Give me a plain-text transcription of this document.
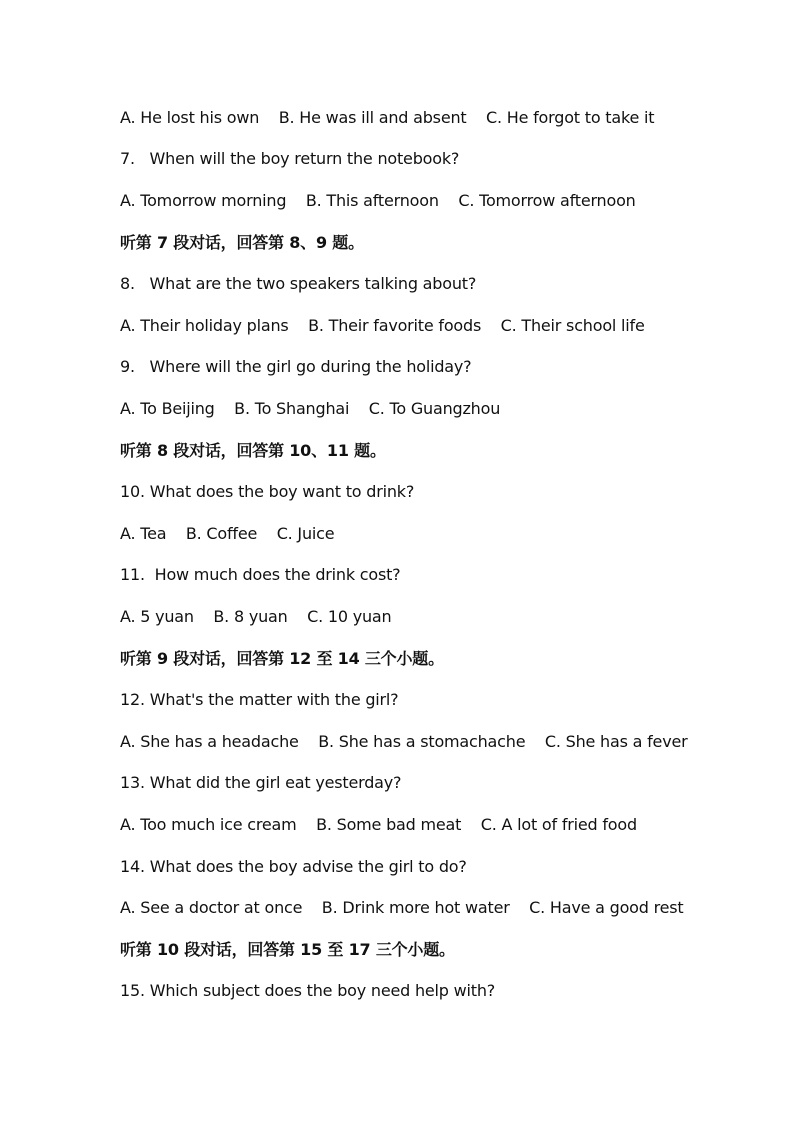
A. He lost his own    B. He was ill and absent    C. He forgot to take it
7.   When will the boy return the notebook?
A. Tomorrow morning    B. This afternoon    C. Tomorrow afternoon
听第 7 段对话，回答第 8、9 题。
8.   What are the two speakers talking about?
A. Their holiday plans    B. Their favorite foods    C. Their school life
9.   Where will the girl go during the holiday?
A. To Beijing    B. To Shanghai    C. To Guangzhou
听第 8 段对话，回答第 10、11 题。
10. What does the boy want to drink?
A. Tea    B. Coffee    C. Juice
11.  How much does the drink cost?
A. 5 yuan    B. 8 yuan    C. 10 yuan
听第 9 段对话，回答第 12 至 14 三个小题。
12. What's the matter with the girl?
A. She has a headache    B. She has a stomachache    C. She has a fever
13. What did the girl eat yesterday?
A. Too much ice cream    B. Some bad meat    C. A lot of fried food
14. What does the boy advise the girl to do?
A. See a doctor at once    B. Drink more hot water    C. Have a good rest
听第 10 段对话，回答第 15 至 17 三个小题。
15. Which subject does the boy need help with?
